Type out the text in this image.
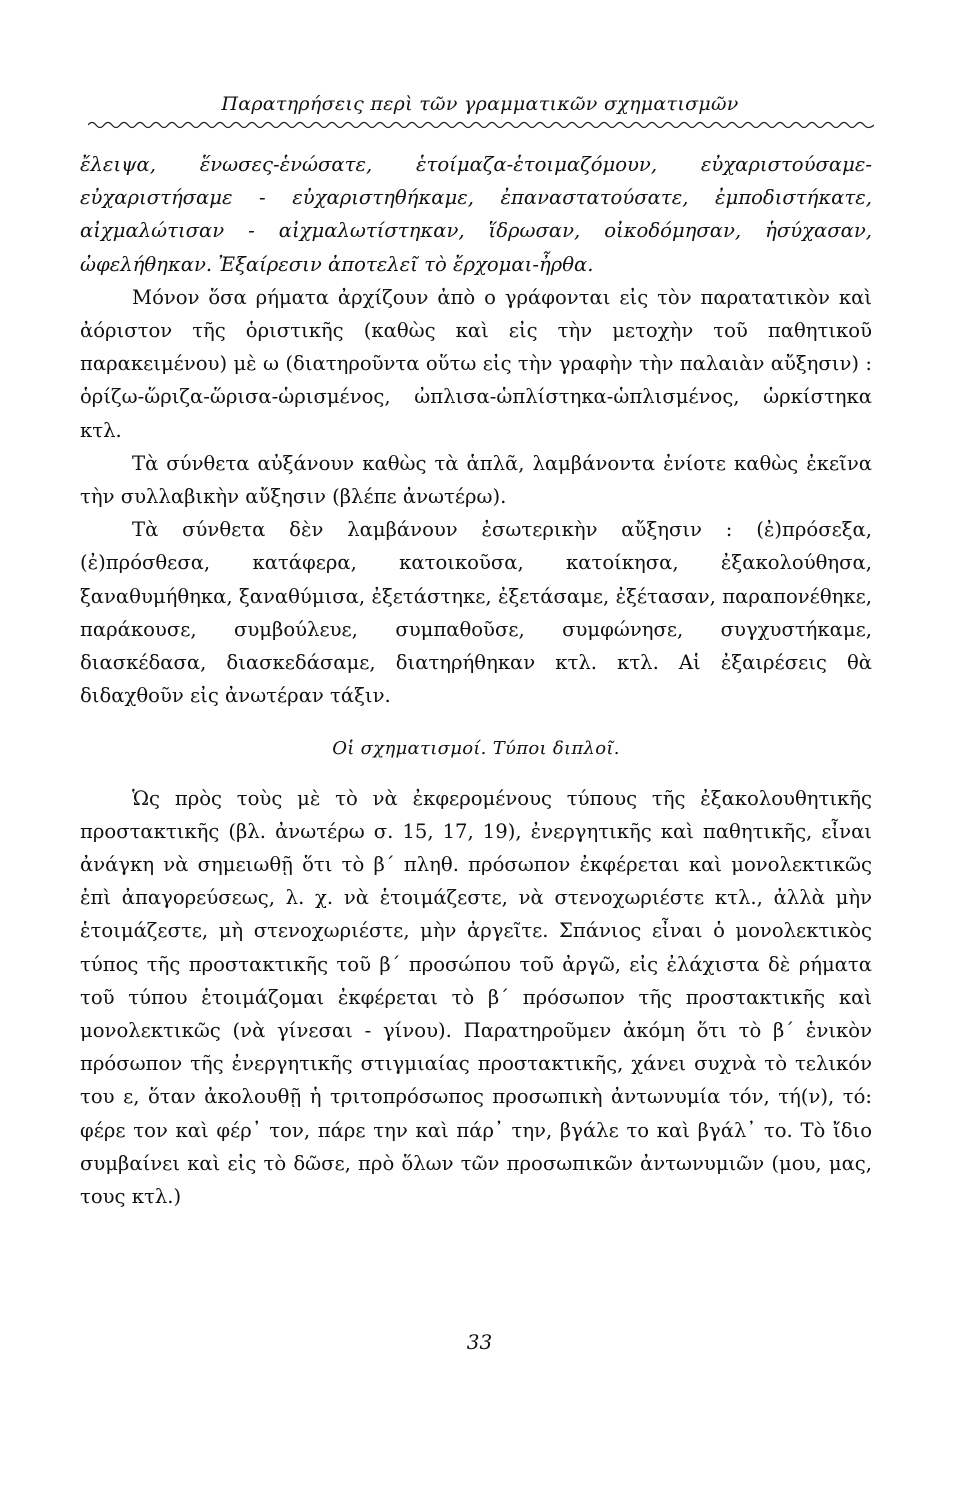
Παρατηρήσεις περὶ τῶν γραμματικῶν σχηματισμῶν

ἔλειψα, ἕνωσες-ἑνώσατε, ἑτοίμαζα-ἑτοιμαζόμουν, εὐχαριστούσαμε-εὐχαριστήσαμε - εὐχαριστηθήκαμε, ἐπαναστατούσατε, ἐμποδιστήκατε, αἰχμαλώτισαν - αἰχμαλωτίστηκαν, ἵδρωσαν, οἰκοδόμησαν, ἡσύχασαν, ὠφελήθηκαν. Ἐξαίρεσιν ἀποτελεῖ τὸ ἔρχομαι-ἦρθα.

Μόνον ὅσα ρήματα ἀρχίζουν ἀπὸ ο γράφονται εἰς τὸν παρατατικὸν καὶ ἀόριστον τῆς ὁριστικῆς (καθὼς καὶ εἰς τὴν μετοχὴν τοῦ παθητικοῦ παρακειμένου) μὲ ω (διατηροῦντα οὕτω εἰς τὴν γραφὴν τὴν παλαιὰν αὔξησιν) : ὁρίζω-ὥριζα-ὥρισα-ὡρισμένος, ὠπλισα-ὡπλίστηκα-ὡπλισμένος, ὡρκίστηκα κτλ.

Τὰ σύνθετα αὐξάνουν καθὼς τὰ ἁπλᾶ, λαμβάνοντα ἐνίοτε καθὼς ἐκεῖνα τὴν συλλαβικὴν αὔξησιν (βλέπε ἀνωτέρω).

Τὰ σύνθετα δὲν λαμβάνουν ἐσωτερικὴν αὔξησιν : (ἐ)πρόσεξα, (ἐ)πρόσθεσα, κατάφερα, κατοικοῦσα, κατοίκησα, ἐξακολούθησα, ξαναθυμήθηκα, ξαναθύμισα, ἐξετάστηκε, ἐξετάσαμε, ἐξέτασαν, παραπονέθηκε, παράκουσε, συμβούλευε, συμπαθοῦσε, συμφώνησε, συγχυστήκαμε, διασκέδασα, διασκεδάσαμε, διατηρήθηκαν κτλ. κτλ. Αἱ ἐξαιρέσεις θὰ διδαχθοῦν εἰς ἀνωτέραν τάξιν.

Οἱ σχηματισμοί. Τύποι διπλοῖ.

Ὡς πρὸς τοὺς μὲ τὸ νὰ ἐκφερομένους τύπους τῆς ἐξακολουθητικῆς προστακτικῆς (βλ. ἀνωτέρω σ. 15, 17, 19), ἐνεργητικῆς καὶ παθητικῆς, εἶναι ἀνάγκη νὰ σημειωθῇ ὅτι τὸ β΄ πληθ. πρόσωπον ἐκφέρεται καὶ μονολεκτικῶς ἐπὶ ἀπαγορεύσεως, λ. χ. νὰ ἑτοιμάζεστε, νὰ στενοχωριέστε κτλ., ἀλλὰ μὴν ἑτοιμάζεστε, μὴ στενοχωριέστε, μὴν ἀργεῖτε. Σπάνιος εἶναι ὁ μονολεκτικὸς τύπος τῆς προστακτικῆς τοῦ β΄ προσώπου τοῦ ἀργῶ, εἰς ἐλάχιστα δὲ ρήματα τοῦ τύπου ἑτοιμάζομαι ἐκφέρεται τὸ β΄ πρόσωπον τῆς προστακτικῆς καὶ μονολεκτικῶς (νὰ γίνεσαι - γίνου). Παρατηροῦμεν ἀκόμη ὅτι τὸ β΄ ἑνικὸν πρόσωπον τῆς ἐνεργητικῆς στιγμιαίας προστακτικῆς, χάνει συχνὰ τὸ τελικόν του ε, ὅταν ἀκολουθῇ ἡ τριτοπρόσωπος προσωπικὴ ἀντωνυμία τόν, τή(ν), τό: φέρε τον καὶ φέρ᾽ τον, πάρε την καὶ πάρ᾽ την, βγάλε το καὶ βγάλ᾽ το. Τὸ ἴδιο συμβαίνει καὶ εἰς τὸ δῶσε, πρὸ ὅλων τῶν προσωπικῶν ἀντωνυμιῶν (μου, μας, τους κτλ.)

33
